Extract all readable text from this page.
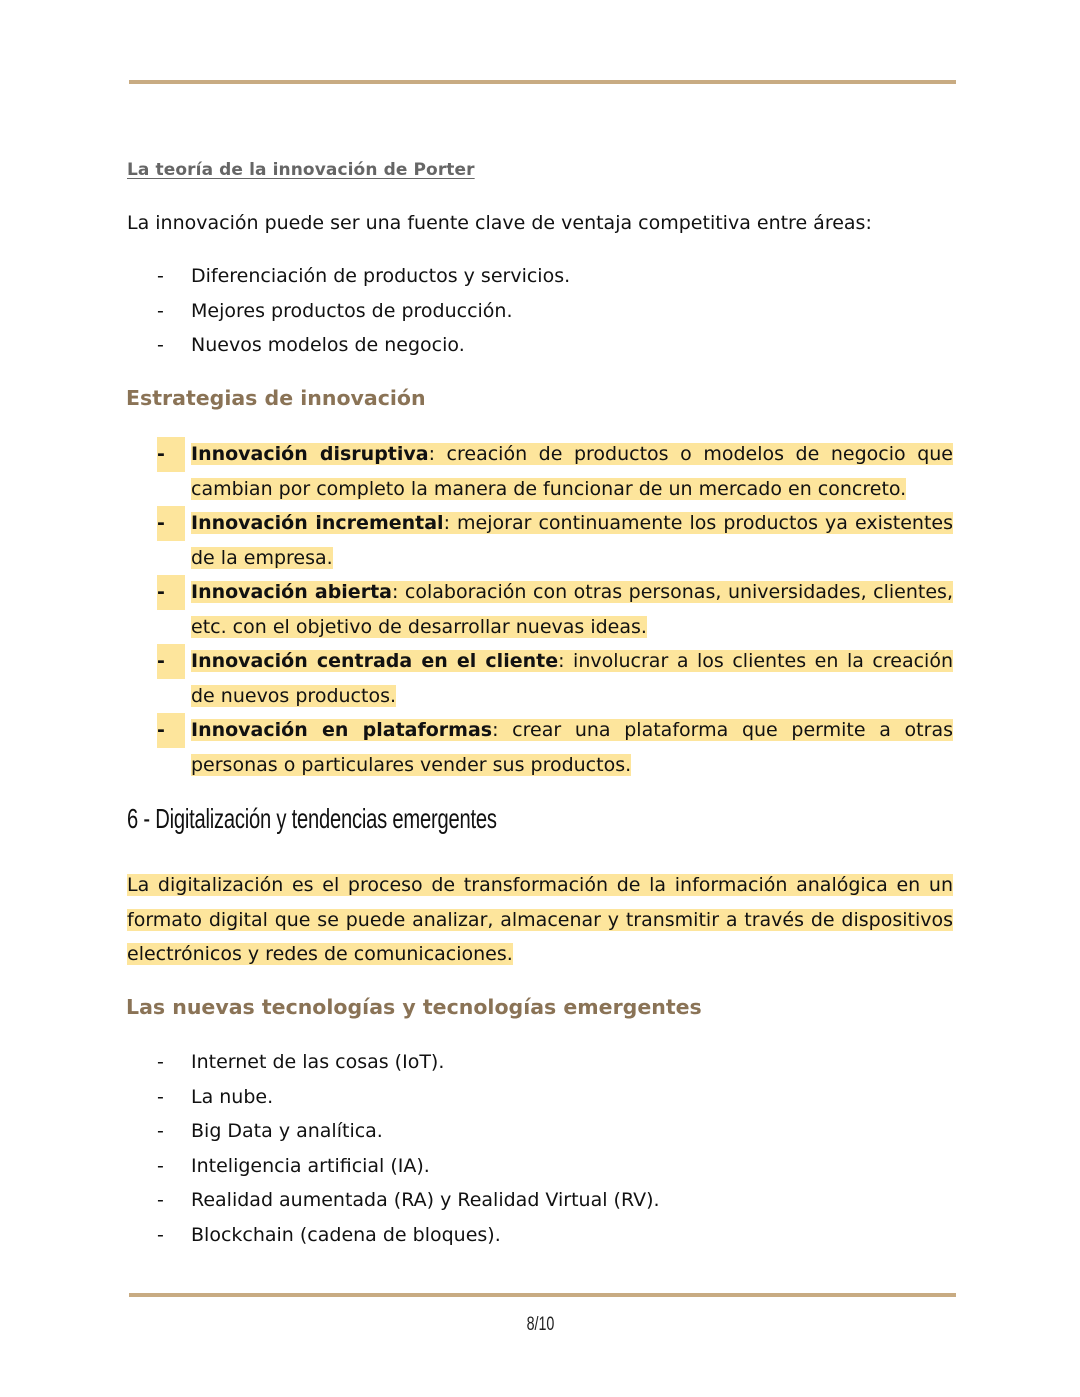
La teoría de la innovación de Porter
La innovación puede ser una fuente clave de ventaja competitiva entre áreas:
- Diferenciación de productos y servicios.
- Mejores productos de producción.
- Nuevos modelos de negocio.
Estrategias de innovación
-	Innovación disruptiva: creación de productos o modelos de negocio que cambian por completo la manera de funcionar de un mercado en concreto.
-	Innovación incremental: mejorar continuamente los productos ya existentes de la empresa.
-	Innovación abierta: colaboración con otras personas, universidades, clientes, etc. con el objetivo de desarrollar nuevas ideas.
-	Innovación centrada en el cliente: involucrar a los clientes en la creación de nuevos productos.
-	Innovación en plataformas: crear una plataforma que permite a otras personas o particulares vender sus productos.
6 - Digitalización y tendencias emergentes
La digitalización es el proceso de transformación de la información analógica en un formato digital que se puede analizar, almacenar y transmitir a través de dispositivos electrónicos y redes de comunicaciones.
Las nuevas tecnologías y tecnologías emergentes
- Internet de las cosas (IoT).
- La nube.
- Big Data y analítica.
- Inteligencia artificial (IA).
- Realidad aumentada (RA) y Realidad Virtual (RV).
- Blockchain (cadena de bloques).
8/10
